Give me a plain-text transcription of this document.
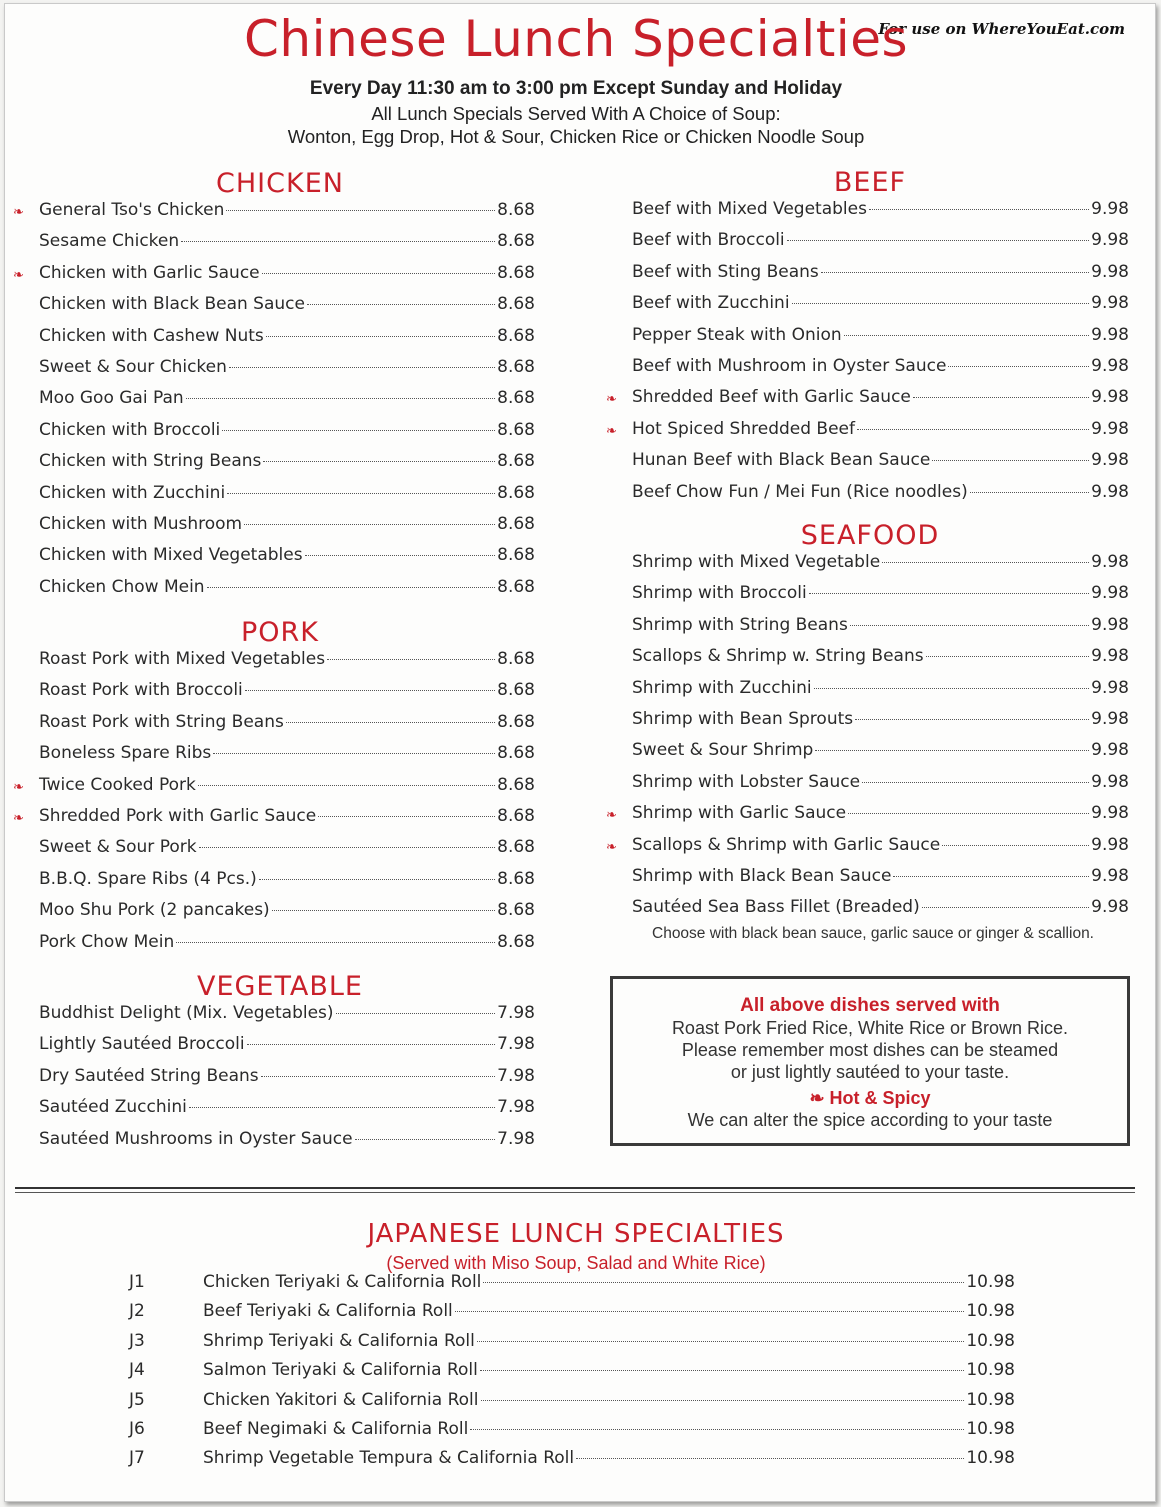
For use on WhereYouEat.com
Chinese Lunch Specialties
Every Day 11:30 am to 3:00 pm Except Sunday and Holiday
All Lunch Specials Served With A Choice of Soup:
Wonton, Egg Drop, Hot & Sour, Chicken Rice or Chicken Noodle Soup
CHICKEN
❧ General Tso's Chicken	8.68
Sesame Chicken	8.68
❧ Chicken with Garlic Sauce	8.68
Chicken with Black Bean Sauce	8.68
Chicken with Cashew Nuts	8.68
Sweet & Sour Chicken	8.68
Moo Goo Gai Pan	8.68
Chicken with Broccoli	8.68
Chicken with String Beans	8.68
Chicken with Zucchini	8.68
Chicken with Mushroom	8.68
Chicken with Mixed Vegetables	8.68
Chicken Chow Mein	8.68
PORK
Roast Pork with Mixed Vegetables	8.68
Roast Pork with Broccoli	8.68
Roast Pork with String Beans	8.68
Boneless Spare Ribs	8.68
❧ Twice Cooked Pork	8.68
❧ Shredded Pork with Garlic Sauce	8.68
Sweet & Sour Pork	8.68
B.B.Q. Spare Ribs (4 Pcs.)	8.68
Moo Shu Pork (2 pancakes)	8.68
Pork Chow Mein	8.68
VEGETABLE
Buddhist Delight (Mix. Vegetables)	7.98
Lightly Sautéed Broccoli	7.98
Dry Sautéed String Beans	7.98
Sautéed Zucchini	7.98
Sautéed Mushrooms in Oyster Sauce	7.98
BEEF
Beef with Mixed Vegetables	9.98
Beef with Broccoli	9.98
Beef with Sting Beans	9.98
Beef with Zucchini	9.98
Pepper Steak with Onion	9.98
Beef with Mushroom in Oyster Sauce	9.98
❧ Shredded Beef with Garlic Sauce	9.98
❧ Hot Spiced Shredded Beef	9.98
Hunan Beef with Black Bean Sauce	9.98
Beef Chow Fun / Mei Fun (Rice noodles)	9.98
SEAFOOD
Shrimp with Mixed Vegetable	9.98
Shrimp with Broccoli	9.98
Shrimp with String Beans	9.98
Scallops & Shrimp w. String Beans	9.98
Shrimp with Zucchini	9.98
Shrimp with Bean Sprouts	9.98
Sweet & Sour Shrimp	9.98
Shrimp with Lobster Sauce	9.98
❧ Shrimp with Garlic Sauce	9.98
❧ Scallops & Shrimp with Garlic Sauce	9.98
Shrimp with Black Bean Sauce	9.98
Sautéed Sea Bass Fillet (Breaded)	9.98
Choose with black bean sauce, garlic sauce or ginger & scallion.
All above dishes served with
Roast Pork Fried Rice, White Rice or Brown Rice.
Please remember most dishes can be steamed
or just lightly sautéed to your taste.
❧ Hot & Spicy
We can alter the spice according to your taste
JAPANESE LUNCH SPECIALTIES
(Served with Miso Soup, Salad and White Rice)
J1	Chicken Teriyaki & California Roll	10.98
J2	Beef Teriyaki & California Roll	10.98
J3	Shrimp Teriyaki & California Roll	10.98
J4	Salmon Teriyaki & California Roll	10.98
J5	Chicken Yakitori & California Roll	10.98
J6	Beef Negimaki & California Roll	10.98
J7	Shrimp Vegetable Tempura & California Roll	10.98
